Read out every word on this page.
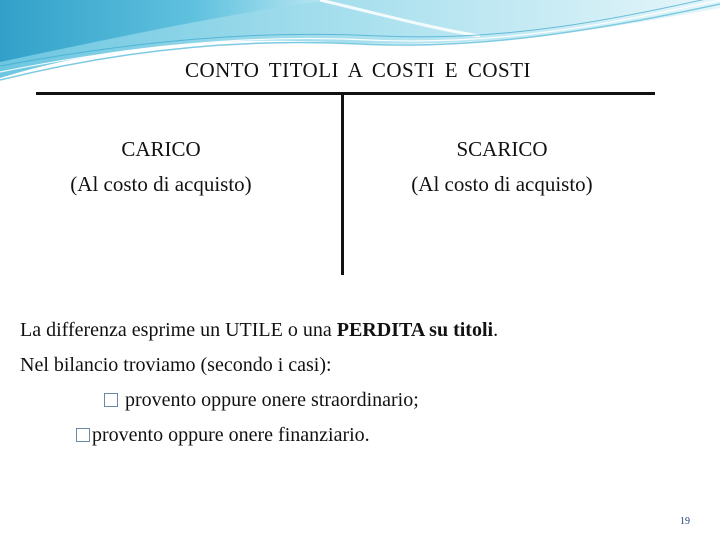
CONTO TITOLI A COSTI E COSTI
CARICO
(Al costo di acquisto)
SCARICO
(Al costo di acquisto)
La differenza esprime un UTILE o una PERDITA su titoli.
Nel bilancio troviamo (secondo i casi):
provento oppure onere straordinario;
provento oppure onere finanziario.
19
